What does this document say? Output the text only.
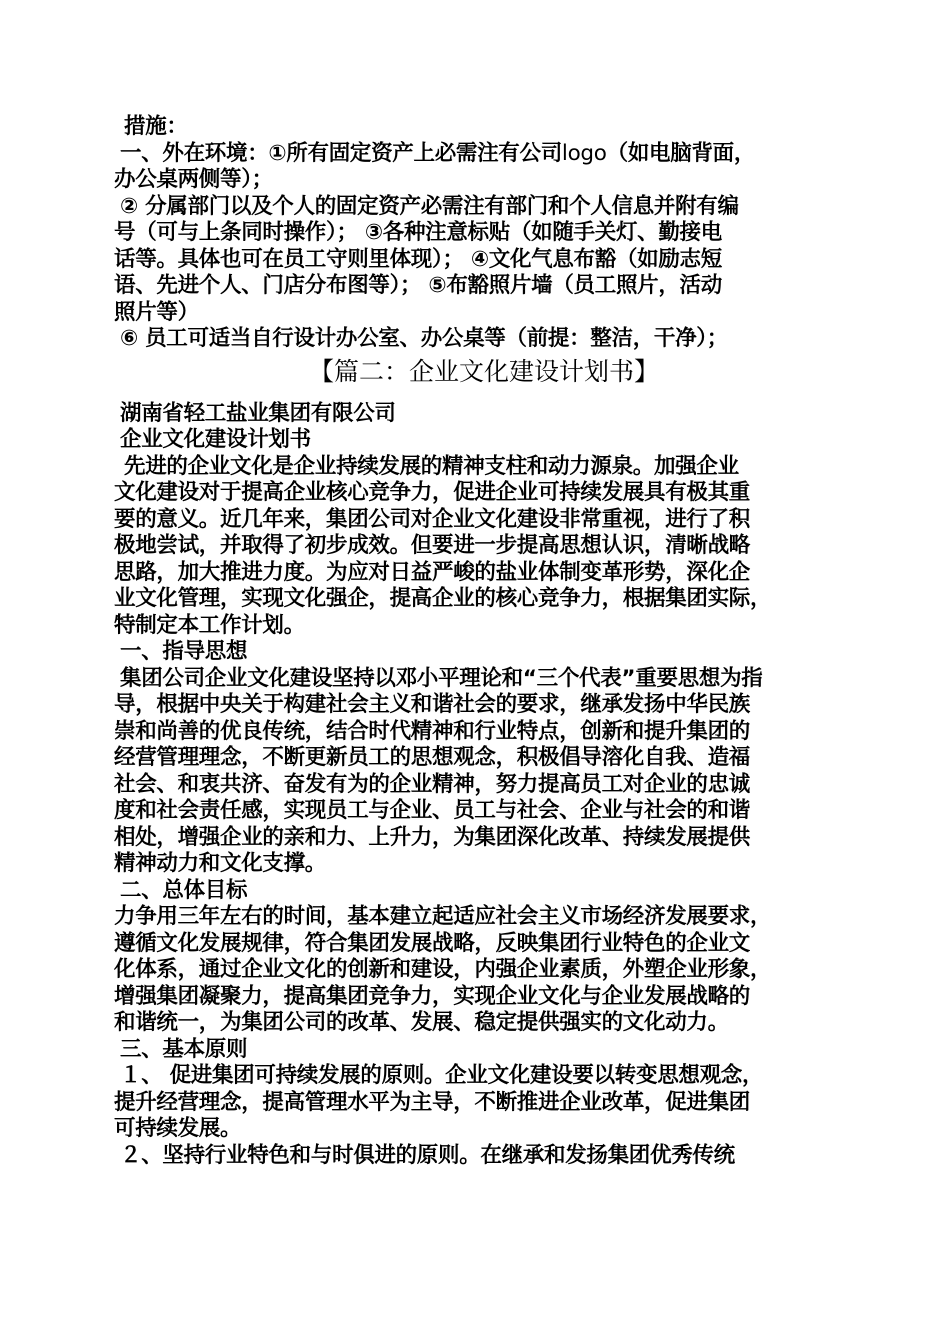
措施：
一、外在环境：①所有固定资产上必需注有公司logo（如电脑背面，
办公桌两侧等）；
② 分属部门以及个人的固定资产必需注有部门和个人信息并附有编
号（可与上条同时操作）； ③各种注意标贴（如随手关灯、勤接电
话等。具体也可在员工守则里体现）； ④文化气息布豁（如励志短
语、先进个人、门店分布图等）； ⑤布豁照片墙（员工照片，活动
照片等）
⑥ 员工可适当自行设计办公室、办公桌等（前提：整洁，干净）；
【篇二：企业文化建设计划书】
湖南省轻工盐业集团有限公司
企业文化建设计划书
先进的企业文化是企业持续发展的精神支柱和动力源泉。加强企业
文化建设对于提高企业核心竞争力，促进企业可持续发展具有极其重
要的意义。近几年来，集团公司对企业文化建设非常重视，进行了积
极地尝试，并取得了初步成效。但要进一步提高思想认识，清晰战略
思路，加大推进力度。为应对日益严峻的盐业体制变革形势，深化企
业文化管理，实现文化强企，提高企业的核心竞争力，根据集团实际，
特制定本工作计划。
一、指导思想
集团公司企业文化建设坚持以邓小平理论和“三个代表”重要思想为指
导，根据中央关于构建社会主义和谐社会的要求，继承发扬中华民族
崇和尚善的优良传统，结合时代精神和行业特点，创新和提升集团的
经营管理理念，不断更新员工的思想观念，积极倡导溶化自我、造福
社会、和衷共济、奋发有为的企业精神，努力提高员工对企业的忠诚
度和社会责任感，实现员工与企业、员工与社会、企业与社会的和谐
相处，增强企业的亲和力、上升力，为集团深化改革、持续发展提供
精神动力和文化支撑。
二、总体目标
力争用三年左右的时间，基本建立起适应社会主义市场经济发展要求，
遵循文化发展规律，符合集团发展战略，反映集团行业特色的企业文
化体系，通过企业文化的创新和建设，内强企业素质，外塑企业形象，
增强集团凝聚力，提高集团竞争力，实现企业文化与企业发展战略的
和谐统一，为集团公司的改革、发展、稳定提供强实的文化动力。
三、基本原则
１、 促进集团可持续发展的原则。企业文化建设要以转变思想观念，
提升经营理念，提高管理水平为主导，不断推进企业改革，促进集团
可持续发展。
２、坚持行业特色和与时俱进的原则。在继承和发扬集团优秀传统
